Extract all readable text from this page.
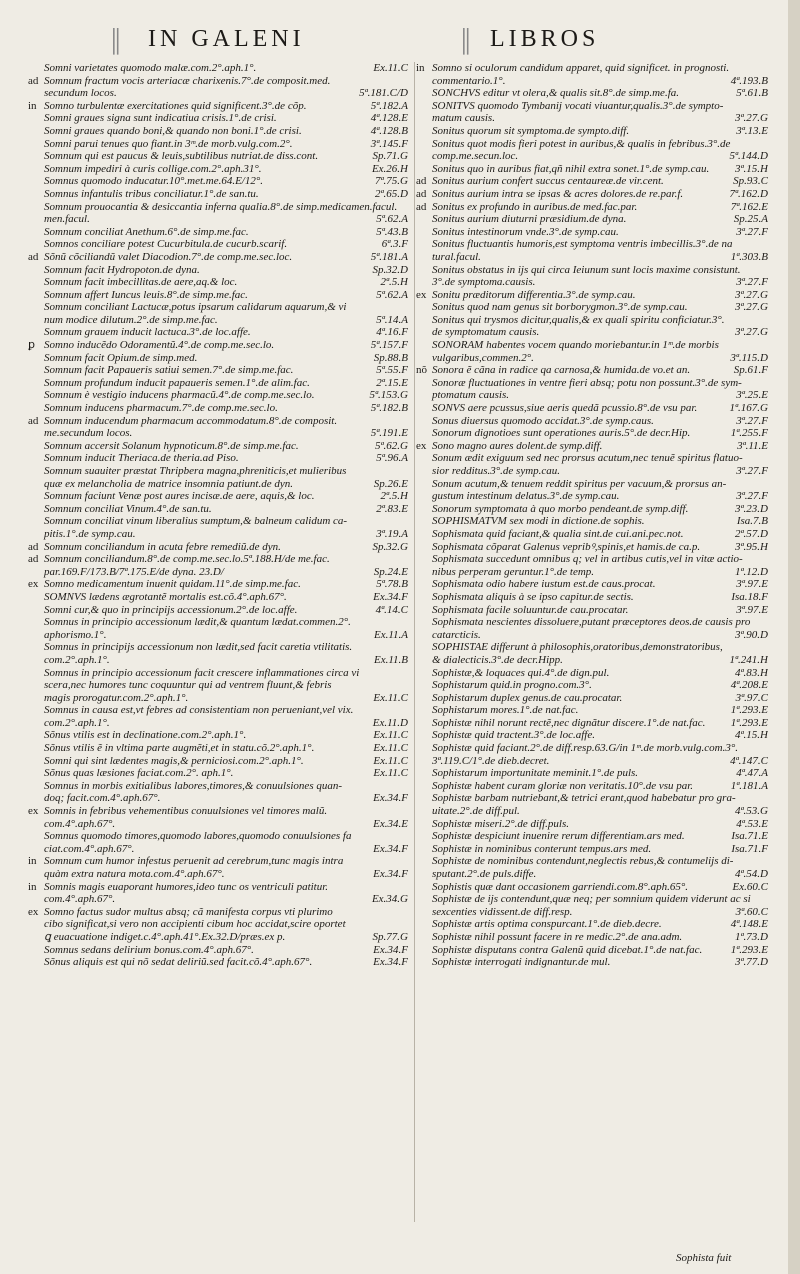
║ IN GALENI	║ LIBROS
Somni varietates quomodo malæ.com.2°.aph.1°.	Ex.11.C
ad Somnum fractum vocis arteriacæ charixenis.7°.de composit.med.
secundum locos.	5ª.181.C/D
in Somno turbulentæ exercitationes quid significent.3°.de cõp.	5ª.182.A
Somni graues signa sunt indicatiua crisis.1°.de crisi.	4ª.128.E
Somni graues quando boni,& quando non boni.1°.de crisi.	4ª.128.B
Somni parui tenues quo fiant.in 3ᵐ.de morb.vulg.com.2°.	3ª.145.F
Somnum qui est paucus & leuis,subtilibus nutriat.de diss.cont.	Sp.71.G
Somnum impediri à curis collige.com.2°.aph.31°.	Ex.26.H
Somnus quomodo inducatur.10°.met.me.64.E/12°.	7ª.75.G
Somnus infantulis tribus conciliatur.1°.de san.tu.	2ª.65.D
Somnum prouocantia & desiccantia inferna qualia.8°.de simp.medicamen.facul.
men.facul.	5ª.62.A
Somnum conciliat Anethum.6°.de simp.me.fac.	5ª.43.B
Somnos conciliare potest Cucurbitula.de cucurb.scarif.	6ª.3.F
ad Sõnũ cõciliandũ valet Diacodion.7°.de comp.me.sec.loc.	5ª.181.A
Somnum facit Hydropoton.de dyna.	Sp.32.D
Somnum facit imbecillitas.de aere,aq.& loc.	2ª.5.H
Somnum affert Iuncus leuis.8°.de simp.me.fac.	5ª.62.A
Somnum conciliant Lactucæ,potus ipsarum calidarum aquarum,& vi
num modice dilutum.2°.de simp.me.fac.	5ª.14.A
Somnum grauem inducit lactuca.3°.de loc.affe.	4ª.16.F
ꝑ Somno inducẽdo Odoramentũ.4°.de comp.me.sec.lo.	5ª.157.F
Somnum facit Opium.de simp.med.	Sp.88.B
Somnum facit Papaueris satiui semen.7°.de simp.me.fac.	5ª.55.F
Somnum profundum inducit papaueris semen.1°.de alim.fac.	2ª.15.E
Somnum è vestigio inducens pharmacũ.4°.de comp.me.sec.lo.	5ª.153.G
Somnum inducens pharmacum.7°.de comp.me.sec.lo.	5ª.182.B
ad Somnum inducendum pharmacum accommodatum.8°.de composit.
me.secundum locos.	5ª.191.E
Somnum accersit Solanum hypnoticum.8°.de simp.me.fac.	5ª.62.G
Somnum inducit Theriaca.de theria.ad Piso.	5ª.96.A
Somnum suauiter præstat Thripbera magna,phreniticis,et mulieribus
quæ ex melancholia de matrice insomnia patiunt.de dyn.	Sp.26.E
Somnum faciunt Venæ post aures incisæ.de aere, aquis,& loc.	2ª.5.H
Somnum conciliat Vinum.4°.de san.tu.	2ª.83.E
Somnum conciliat vinum liberalius sumptum,& balneum calidum ca-
pitis.1°.de symp.cau.	3ª.19.A
ad Somnum conciliandum in acuta febre remediũ.de dyn.	Sp.32.G
ad Somnum conciliandum.8°.de comp.me.sec.lo.5ª.188.H/de me.fac.
par.169.F/173.B/7ª.175.E/de dyna. 23.D/	Sp.24.E
ex Somno medicamentum inuenit quidam.11°.de simp.me.fac.	5ª.78.B
SOMNVS lædens ægrotantẽ mortalis est.cõ.4°.aph.67°.	Ex.34.F
Somni cur,& quo in principijs accessionum.2°.de loc.affe.	4ª.14.C
Somnus in principio accessionum lædit,& quantum lædat.commen.2°.
aphorismo.1°.	Ex.11.A
Somnus in principijs accessionum non lædit,sed facit caretia vtilitatis.
com.2°.aph.1°.	Ex.11.B
Somnus in principio accessionum facit crescere inflammationes circa vi
scera,nec humores tunc coquuntur qui ad ventrem fluunt,& febris
magis prorogatur.com.2°.aph.1°.	Ex.11.C
Somnus in causa est,vt febres ad consistentiam non perueniant,vel vix.
com.2°.aph.1°.	Ex.11.D
Sõnus vtilis est in declinatione.com.2°.aph.1°.	Ex.11.C
Sõnus vtilis ẽ in vltima parte augmẽti,et in statu.cõ.2°.aph.1°.	Ex.11.C
Somni qui sint lædentes magis,& perniciosi.com.2°.aph.1°.	Ex.11.C
Sõnus quas læsiones faciat.com.2°. aph.1°.	Ex.11.C
Somnus in morbis exitialibus labores,timores,& conuulsiones quan-
doq; facit.com.4°.aph.67°.	Ex.34.F
ex Somnis in febribus vehementibus conuulsiones vel timores malũ.
com.4°.aph.67°.	Ex.34.E
Somnus quomodo timores,quomodo labores,quomodo conuulsiones fa
ciat.com.4°.aph.67°.	Ex.34.F
in Somnum cum humor infestus peruenit ad cerebrum,tunc magis intra
quàm extra natura mota.com.4°.aph.67°.	Ex.34.F
in Somnis magis euaporant humores,ideo tunc os ventriculi patitur.
com.4°.aph.67°.	Ex.34.G
ex Somno factus sudor multus absq; cã manifesta corpus vti plurimo
cibo significat,si vero non accipienti cibum hoc accidat,scire oportet
ꝗ euacuatione indiget.c.4°.aph.41°.Ex.32.D/præs.ex p.	Sp.77.G
Somnus sedans delirium bonus.com.4°.aph.67°.	Ex.34.F
Sõnus aliquis est qui nõ sedat deliriũ.sed facit.cõ.4°.aph.67°.	Ex.34.F
in Somno si oculorum candidum apparet, quid significet. in prognosti.
commentario.1°.	4ª.193.B
SONCHVS editur vt olera,& qualis sit.8°.de simp.me.fa.	5ª.61.B
SONITVS quomodo Tymbanij vocati viuantur,qualis.3°.de sympto-
matum causis.	3ª.27.G
Sonitus quorum sit symptoma.de sympto.diff.	3ª.13.E
Sonitus quot modis fieri potest in auribus,& qualis in febribus.3°.de
comp.me.secun.loc.	5ª.144.D
Sonitus quo in auribus fiat,qñ nihil extra sonet.1°.de symp.cau.	3ª.15.H
ad Sonitus aurium confert succus centaureæ.de vir.cent.	Sp.93.C
ad Sonitus aurium intra se ipsas & acres dolores.de re.par.f.	7ª.162.D
ad Sonitus ex profundo in auribus.de med.fac.par.	7ª.162.E
Sonitus aurium diuturni præsidium.de dyna.	Sp.25.A
Sonitus intestinorum vnde.3°.de symp.cau.	3ª.27.F
Sonitus fluctuantis humoris,est symptoma ventris imbecillis.3°.de na
tural.facul.	1ª.303.B
Sonitus obstatus in ijs qui circa Ieiunum sunt locis maxime consistunt.
3°.de symptoma.causis.	3ª.27.F
ex Sonitu præditorum differentia.3°.de symp.cau.	3ª.27.G
Sonitus quod nam genus sit borborygmon.3°.de symp.cau.	3ª.27.G
Sonitus qui trysmos dicitur,qualis,& ex quali spiritu conficiatur.3°.
de symptomatum causis.	3ª.27.G
SONORAM habentes vocem quando moriebantur.in 1ᵐ.de morbis
vulgaribus,commen.2°.	3ª.115.D
nõ Sonora ẽ cãna in radice qa carnosa,& humida.de vo.et an.	Sp.61.F
Sonoræ fluctuationes in ventre fieri absq; potu non possunt.3°.de sym-
ptomatum causis.	3ª.25.E
SONVS aere pcussus,siue aeris quedã pcussio.8°.de vsu par.	1ª.167.G
Sonus diuersus quomodo accidat.3°.de symp.caus.	3ª.27.F
Sonorum dignotioes sunt operationes auris.5°.de decr.Hip.	1ª.255.F
ex Sono magno aures dolent.de symp.diff.	3ª.11.E
Sonum ædit exiguum sed nec prorsus acutum,nec tenuẽ spiritus flatuo-
sior redditus.3°.de symp.cau.	3ª.27.F
Sonum acutum,& tenuem reddit spiritus per vacuum,& prorsus an-
gustum intestinum delatus.3°.de symp.cau.	3ª.27.F
Sonorum symptomata à quo morbo pendeant.de symp.diff.	3ª.23.D
SOPHISMATVM sex modi in dictione.de sophis.	Isa.7.B
Sophismata quid faciant,& qualia sint.de cui.ani.pec.not.	2ª.57.D
Sophismata cõparat Galenus vepribꝰ,spinis,et hamis.de ca.p.	3ª.95.H
Sophismata succedunt omnibus q; vel in artibus cutis,vel in vitæ actio-
nibus perperam geruntur.1°.de temp.	1ª.12.D
Sophismata odio habere iustum est.de caus.procat.	3ª.97.E
Sophismata aliquis à se ipso capitur.de sectis.	Isa.18.F
Sophismata facile soluuntur.de cau.procatar.	3ª.97.E
Sophismata nescientes dissoluere,putant præceptores deos.de causis pro
catarcticis.	3ª.90.D
SOPHISTAE differunt à philosophis,oratoribus,demonstratoribus,
& dialecticis.3°.de decr.Hipp.	1ª.241.H
Sophistæ,& loquaces qui.4°.de dign.pul.	4ª.83.H
Sophistarum quid.in progno.com.3°.	4ª.208.E
Sophistarum duplex genus.de cau.procatar.	3ª.97.C
Sophistarum mores.1°.de nat.fac.	1ª.293.E
Sophistæ nihil norunt rectẽ,nec dignãtur discere.1°.de nat.fac.	1ª.293.E
Sophistæ quid tractent.3°.de loc.affe.	4ª.15.H
Sophistæ quid faciant.2°.de diff.resp.63.G/in 1ᵐ.de morb.vulg.com.3°.
3ª.119.C/1°.de dieb.decret.	4ª.147.C
Sophistarum importunitate meminit.1°.de puls.	4ª.47.A
Sophistæ habent curam gloriæ non veritatis.10°.de vsu par.	1ª.181.A
Sophistæ barbam nutriebant,& tetrici erant,quod habebatur pro gra-
uitate.2°.de diff.pul.	4ª.53.G
Sophistæ miseri.2°.de diff.puls.	4ª.53.E
Sophistæ despiciunt inuenire rerum differentiam.ars med.	Isa.71.E
Sophistæ in nominibus conterunt tempus.ars med.	Isa.71.F
Sophistæ de nominibus contendunt,neglectis rebus,& contumelijs di-
sputant.2°.de puls.diffe.	4ª.54.D
Sophistis quæ dant occasionem garriendi.com.8°.aph.65°.	Ex.60.C
Sophistæ de ijs contendunt,quæ neq; per somnium quidem viderunt ac si
sexcenties vidissent.de diff.resp.	3ª.60.C
Sophistæ artis optima conspurcant.1°.de dieb.decre.	4ª.148.E
Sophistæ nihil possunt facere in re medic.2°.de ana.adm.	1ª.73.D
Sophistæ disputans contra Galenũ quid dicebat.1°.de nat.fac.	1ª.293.E
Sophistæ interrogati indignantur.de mul.	3ª.77.D
Sophista fuit
